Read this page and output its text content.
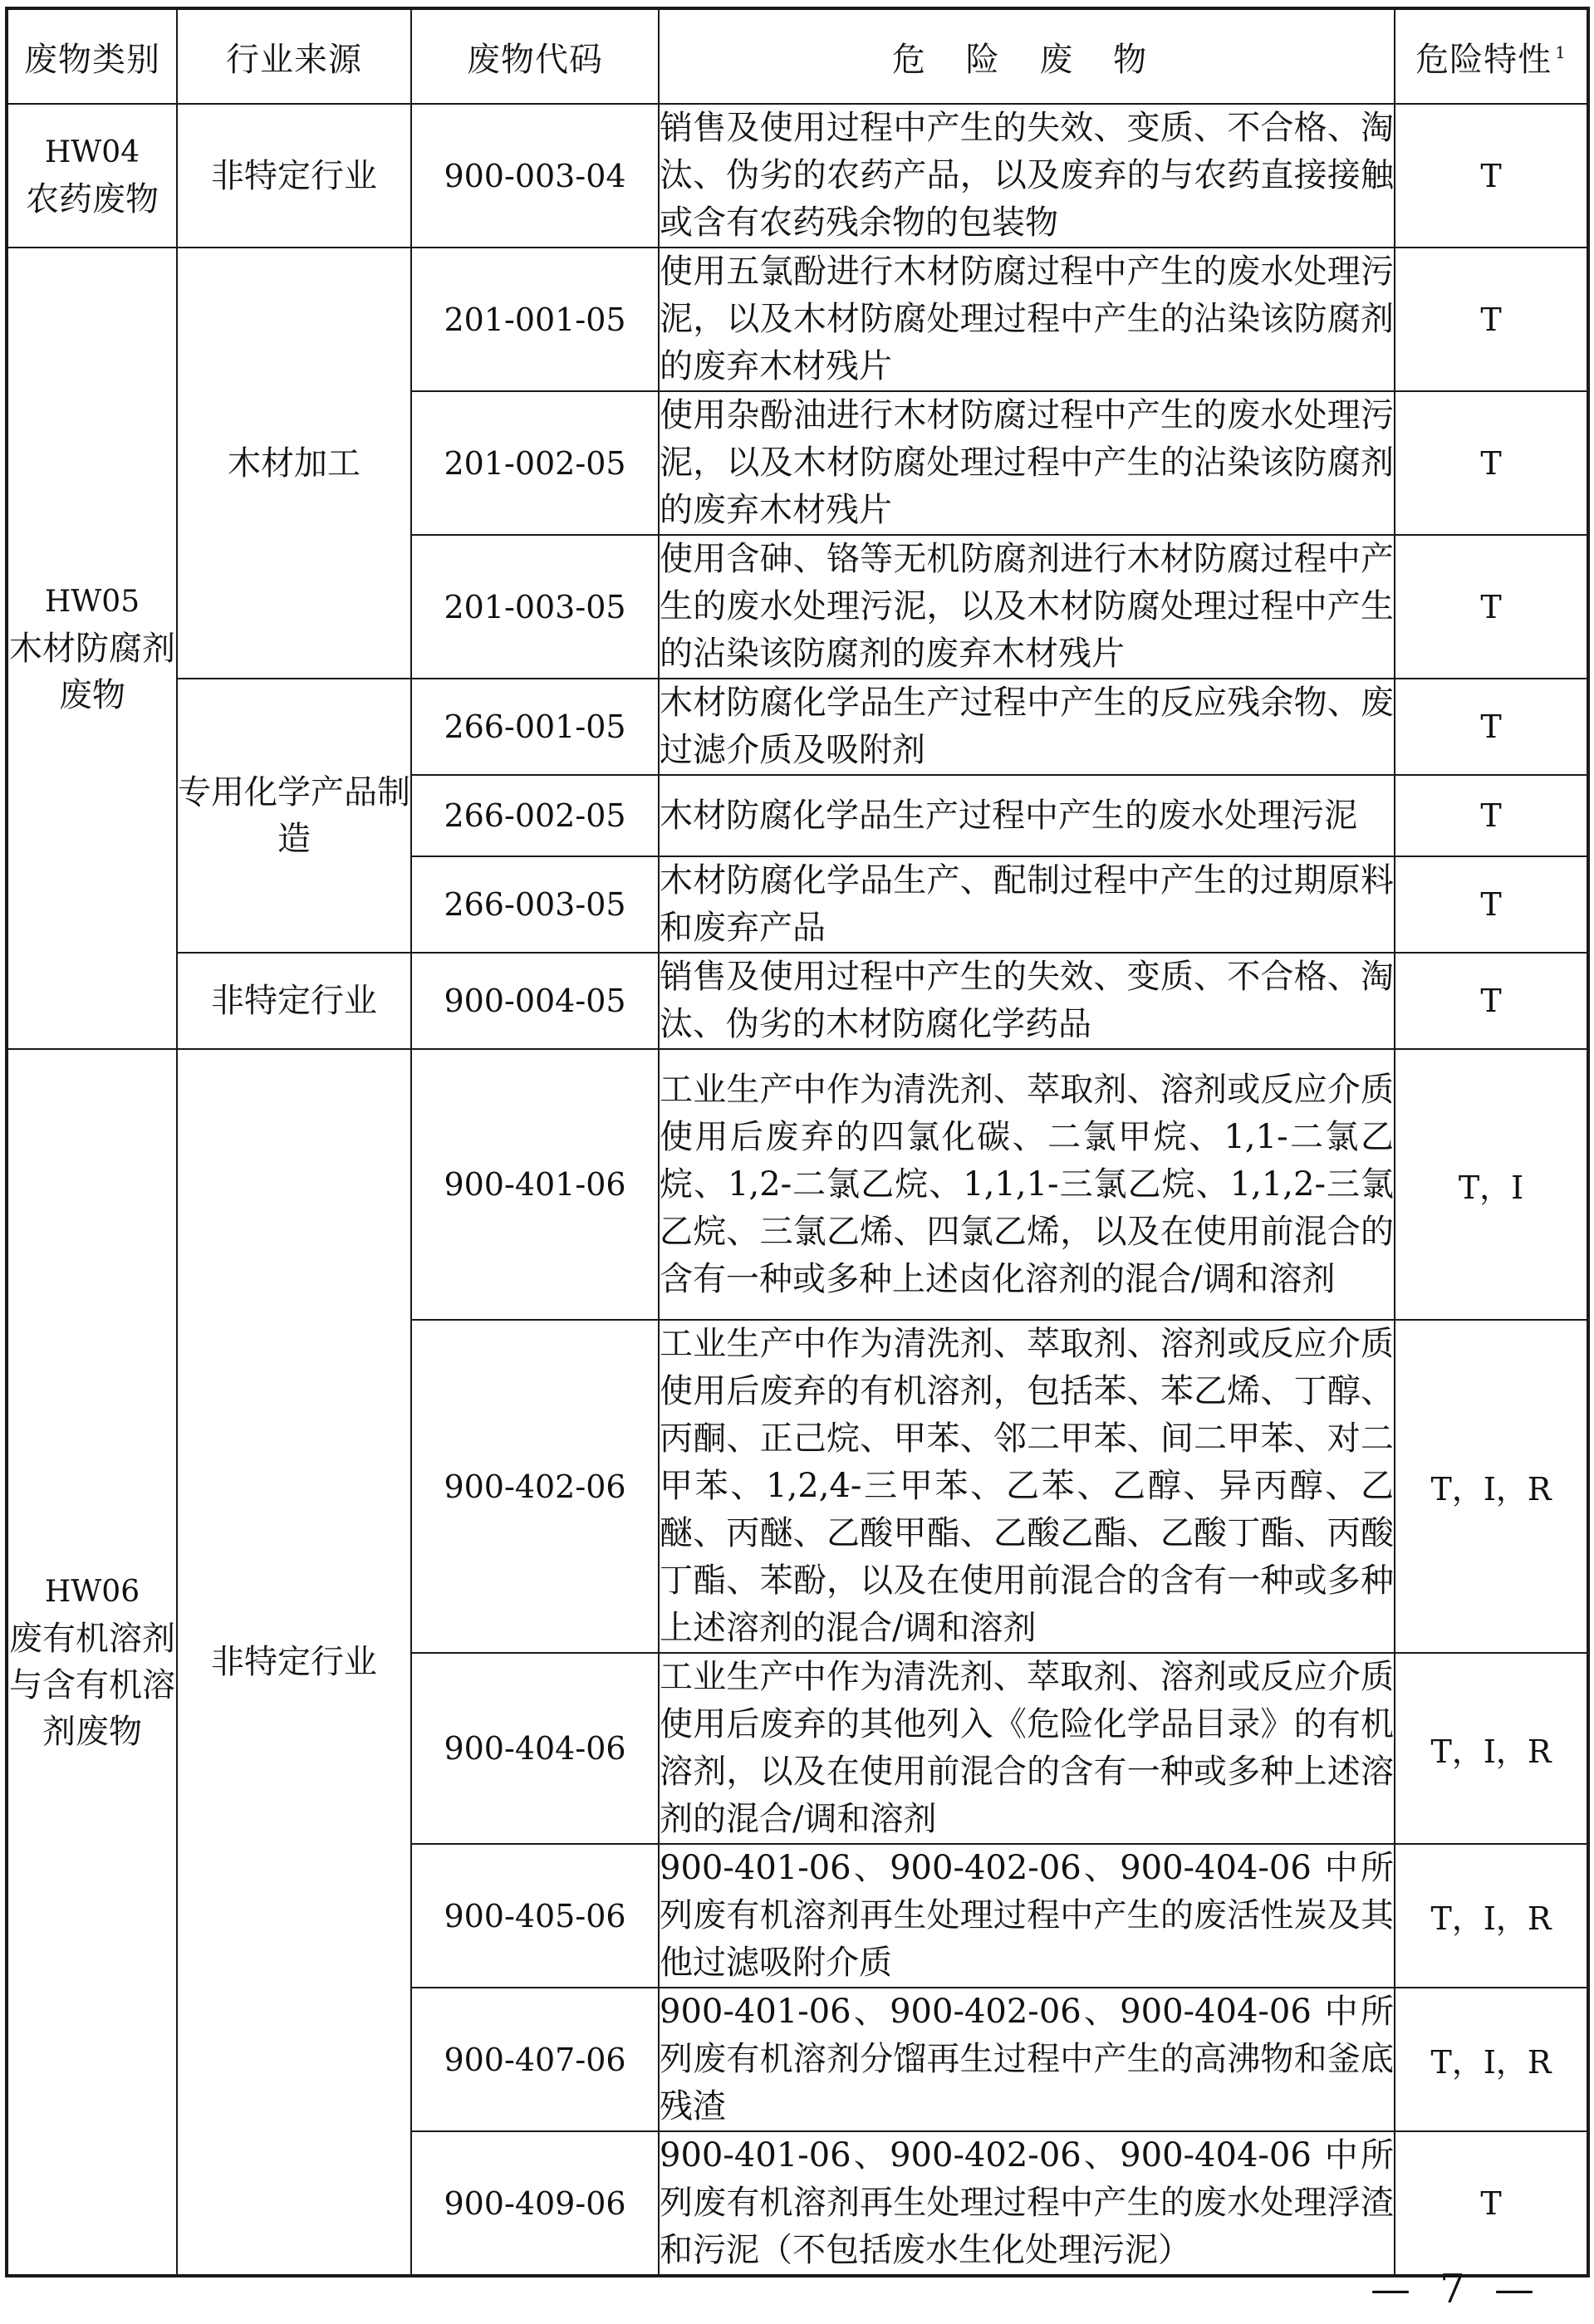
废物类别	行业来源	废物代码	危 险 废 物	危险特性 $^1$

HW04
农药废物	非特定行业	900-003-04	销售及使用过程中产生的失效、变质、不合格、淘汰、伪劣的农药产品，以及废弃的与农药直接接触或含有农药残余物的包装物	T

HW05
木材防腐剂废物	木材加工	201-001-05	使用五氯酚进行木材防腐过程中产生的废水处理污泥，以及木材防腐处理过程中产生的沾染该防腐剂的废弃木材残片	T
		201-002-05	使用杂酚油进行木材防腐过程中产生的废水处理污泥，以及木材防腐处理过程中产生的沾染该防腐剂的废弃木材残片	T
		201-003-05	使用含砷、铬等无机防腐剂进行木材防腐过程中产生的废水处理污泥，以及木材防腐处理过程中产生的沾染该防腐剂的废弃木材残片	T
	专用化学产品制造	266-001-05	木材防腐化学品生产过程中产生的反应残余物、废过滤介质及吸附剂	T
		266-002-05	木材防腐化学品生产过程中产生的废水处理污泥	T
		266-003-05	木材防腐化学品生产、配制过程中产生的过期原料和废弃产品	T
	非特定行业	900-004-05	销售及使用过程中产生的失效、变质、不合格、淘汰、伪劣的木材防腐化学药品	T

HW06
废有机溶剂与含有机溶剂废物	非特定行业	900-401-06	工业生产中作为清洗剂、萃取剂、溶剂或反应介质使用后废弃的四氯化碳、二氯甲烷、1,1-二氯乙烷、1,2-二氯乙烷、1,1,1-三氯乙烷、1,1,2-三氯乙烷、三氯乙烯、四氯乙烯，以及在使用前混合的含有一种或多种上述卤化溶剂的混合/调和溶剂	T，I
		900-402-06	工业生产中作为清洗剂、萃取剂、溶剂或反应介质使用后废弃的有机溶剂，包括苯、苯乙烯、丁醇、丙酮、正己烷、甲苯、邻二甲苯、间二甲苯、对二甲苯、1,2,4-三甲苯、乙苯、乙醇、异丙醇、乙醚、丙醚、乙酸甲酯、乙酸乙酯、乙酸丁酯、丙酸丁酯、苯酚，以及在使用前混合的含有一种或多种上述溶剂的混合/调和溶剂	T，I，R
		900-404-06	工业生产中作为清洗剂、萃取剂、溶剂或反应介质使用后废弃的其他列入《危险化学品目录》的有机溶剂，以及在使用前混合的含有一种或多种上述溶剂的混合/调和溶剂	T，I，R
		900-405-06	900-401-06、900-402-06、900-404-06 中所列废有机溶剂再生处理过程中产生的废活性炭及其他过滤吸附介质	T，I，R
		900-407-06	900-401-06、900-402-06、900-404-06 中所列废有机溶剂分馏再生过程中产生的高沸物和釜底残渣	T，I，R
		900-409-06	900-401-06、900-402-06、900-404-06 中所列废有机溶剂再生处理过程中产生的废水处理浮渣和污泥（不包括废水生化处理污泥）	T
— 7 —
